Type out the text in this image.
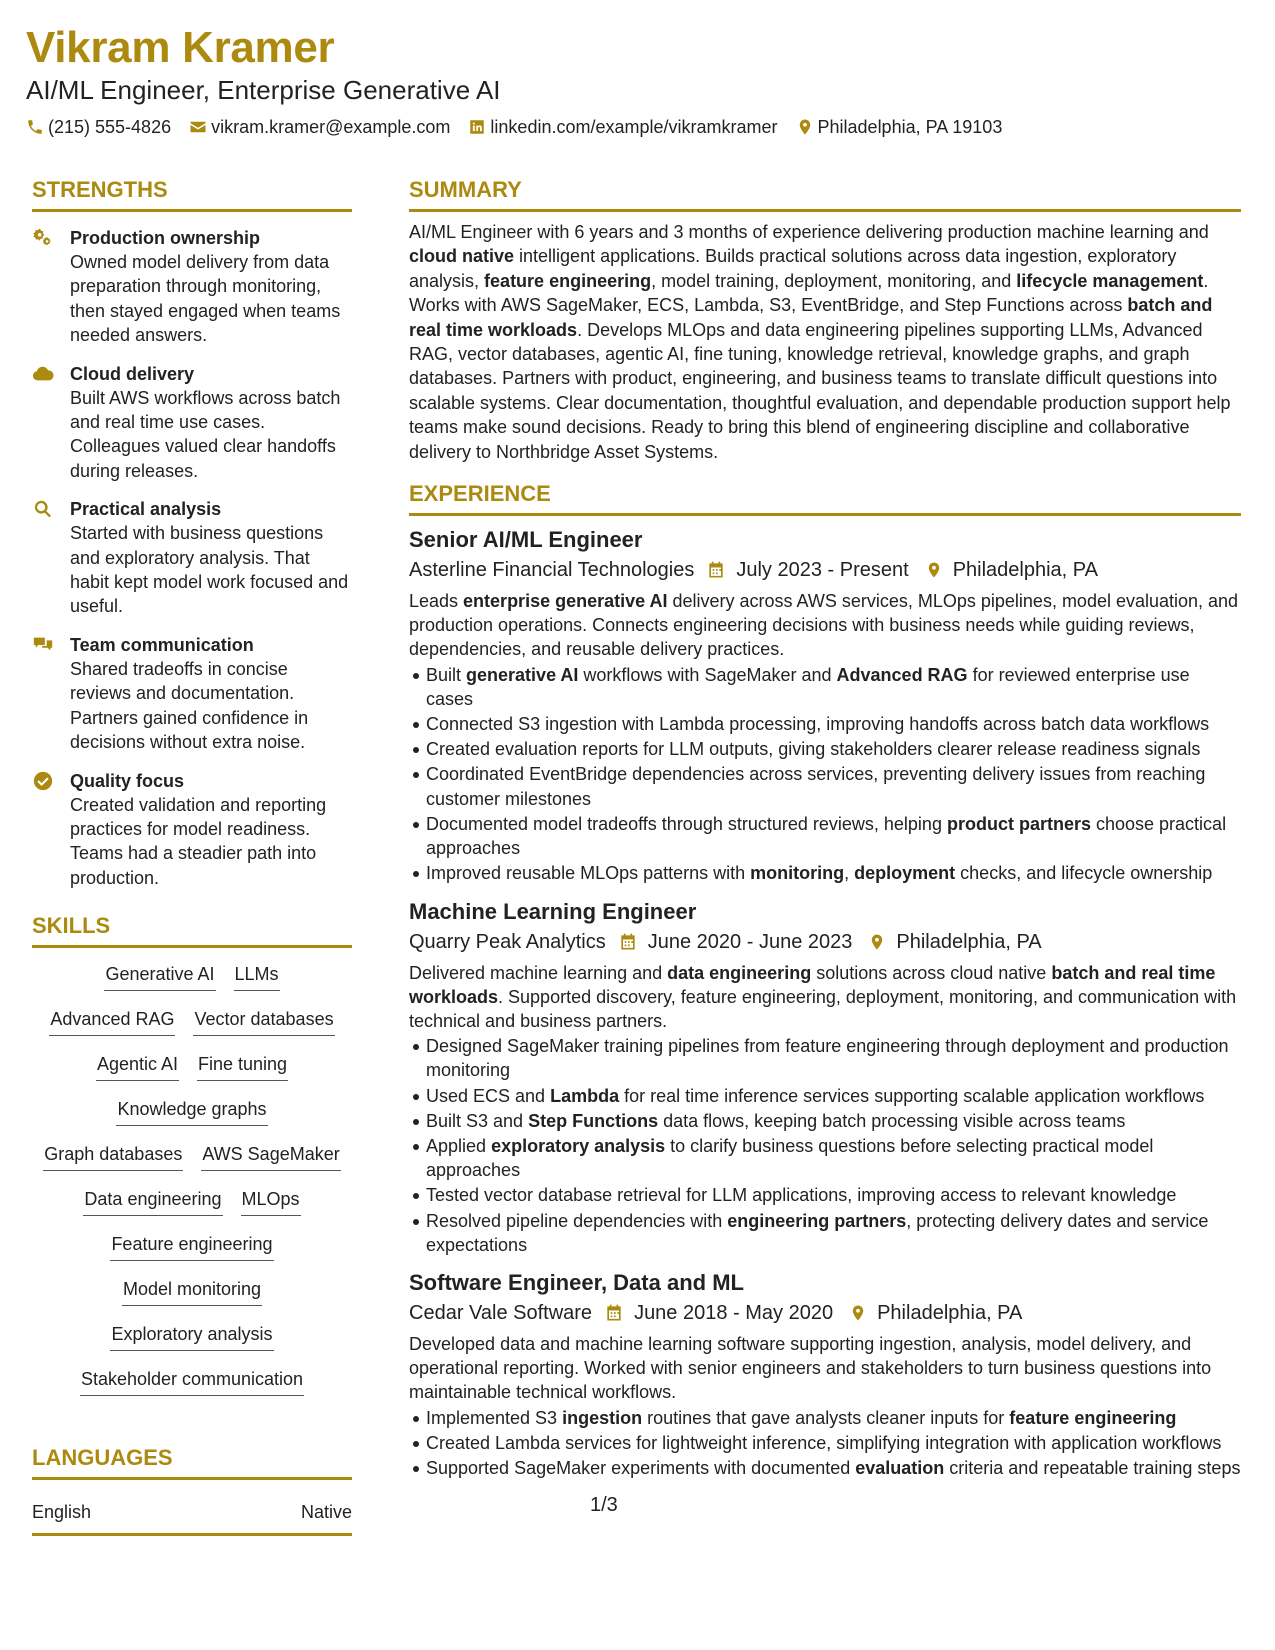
Vikram Kramer
AI/ML Engineer, Enterprise Generative AI
(215) 555-4826 vikram.kramer@example.com linkedin.com/example/vikramkramer Philadelphia, PA 19103
STRENGTHS
Production ownership
Owned model delivery from data preparation through monitoring, then stayed engaged when teams needed answers.
Cloud delivery
Built AWS workflows across batch and real time use cases. Colleagues valued clear handoffs during releases.
Practical analysis
Started with business questions and exploratory analysis. That habit kept model work focused and useful.
Team communication
Shared tradeoffs in concise reviews and documentation. Partners gained confidence in decisions without extra noise.
Quality focus
Created validation and reporting practices for model readiness. Teams had a steadier path into production.
SKILLS
Generative AI LLMs
Advanced RAG Vector databases
Agentic AI Fine tuning
Knowledge graphs
Graph databases AWS SageMaker
Data engineering MLOps
Feature engineering
Model monitoring
Exploratory analysis
Stakeholder communication
LANGUAGES
English	Native
SUMMARY
AI/ML Engineer with 6 years and 3 months of experience delivering production machine learning and cloud native intelligent applications. Builds practical solutions across data ingestion, exploratory analysis, feature engineering, model training, deployment, monitoring, and lifecycle management. Works with AWS SageMaker, ECS, Lambda, S3, EventBridge, and Step Functions across batch and real time workloads. Develops MLOps and data engineering pipelines supporting LLMs, Advanced RAG, vector databases, agentic AI, fine tuning, knowledge retrieval, knowledge graphs, and graph databases. Partners with product, engineering, and business teams to translate difficult questions into scalable systems. Clear documentation, thoughtful evaluation, and dependable production support help teams make sound decisions. Ready to bring this blend of engineering discipline and collaborative delivery to Northbridge Asset Systems.
EXPERIENCE
Senior AI/ML Engineer
Asterline Financial Technologies July 2023 - Present Philadelphia, PA
Leads enterprise generative AI delivery across AWS services, MLOps pipelines, model evaluation, and production operations. Connects engineering decisions with business needs while guiding reviews, dependencies, and reusable delivery practices.
Built generative AI workflows with SageMaker and Advanced RAG for reviewed enterprise use cases
Connected S3 ingestion with Lambda processing, improving handoffs across batch data workflows
Created evaluation reports for LLM outputs, giving stakeholders clearer release readiness signals
Coordinated EventBridge dependencies across services, preventing delivery issues from reaching customer milestones
Documented model tradeoffs through structured reviews, helping product partners choose practical approaches
Improved reusable MLOps patterns with monitoring, deployment checks, and lifecycle ownership
Machine Learning Engineer
Quarry Peak Analytics June 2020 - June 2023 Philadelphia, PA
Delivered machine learning and data engineering solutions across cloud native batch and real time workloads. Supported discovery, feature engineering, deployment, monitoring, and communication with technical and business partners.
Designed SageMaker training pipelines from feature engineering through deployment and production monitoring
Used ECS and Lambda for real time inference services supporting scalable application workflows
Built S3 and Step Functions data flows, keeping batch processing visible across teams
Applied exploratory analysis to clarify business questions before selecting practical model approaches
Tested vector database retrieval for LLM applications, improving access to relevant knowledge
Resolved pipeline dependencies with engineering partners, protecting delivery dates and service expectations
Software Engineer, Data and ML
Cedar Vale Software June 2018 - May 2020 Philadelphia, PA
Developed data and machine learning software supporting ingestion, analysis, model delivery, and operational reporting. Worked with senior engineers and stakeholders to turn business questions into maintainable technical workflows.
Implemented S3 ingestion routines that gave analysts cleaner inputs for feature engineering
Created Lambda services for lightweight inference, simplifying integration with application workflows
Supported SageMaker experiments with documented evaluation criteria and repeatable training steps
1/3
